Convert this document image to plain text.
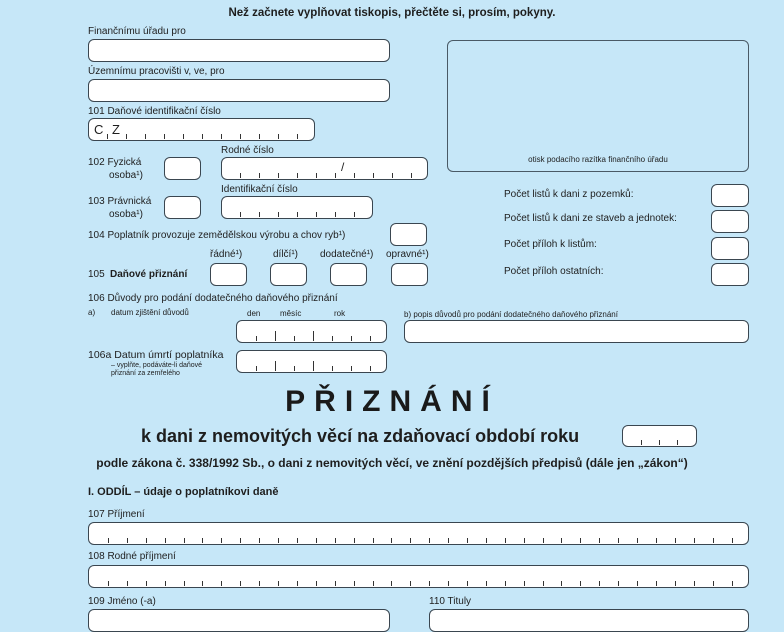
Než začnete vyplňovat tiskopis, přečtěte si, prosím, pokyny.
Finančnímu úřadu pro
Územnímu pracovišti v, ve, pro
otisk podacího razítka finančního úřadu
101 Daňové identifikační číslo
C Z
102 Fyzická
osoba¹)
Rodné číslo
/
103 Právnická
osoba¹)
Identifikační číslo	Počet listů k dani z pozemků:
Počet listů k dani ze staveb a jednotek:
Počet příloh k listům:
Počet příloh ostatních:
104 Poplatník provozuje zemědělskou výrobu a chov ryb¹)
řádné¹)	dílčí¹) dodatečné¹) opravné¹)
105 Daňové přiznání
106 Důvody pro podání dodatečného daňového přiznání
a) datum zjištění důvodů	den měsíc	rok	b) popis důvodů pro podání dodatečného daňového přiznání
106a Datum úmrtí poplatníka
– vyplňte, podáváte-li daňové
přiznání za zemřelého
PŘIZNÁNÍ
k dani z nemovitých věcí na zdaňovací období roku
podle zákona č. 338/1992 Sb., o dani z nemovitých věcí, ve znění pozdějších předpisů (dále jen „zákon“)
I. ODDÍL – údaje o poplatníkovi daně
107 Příjmení
108 Rodné příjmení
109 Jméno (-a)	110 Tituly
